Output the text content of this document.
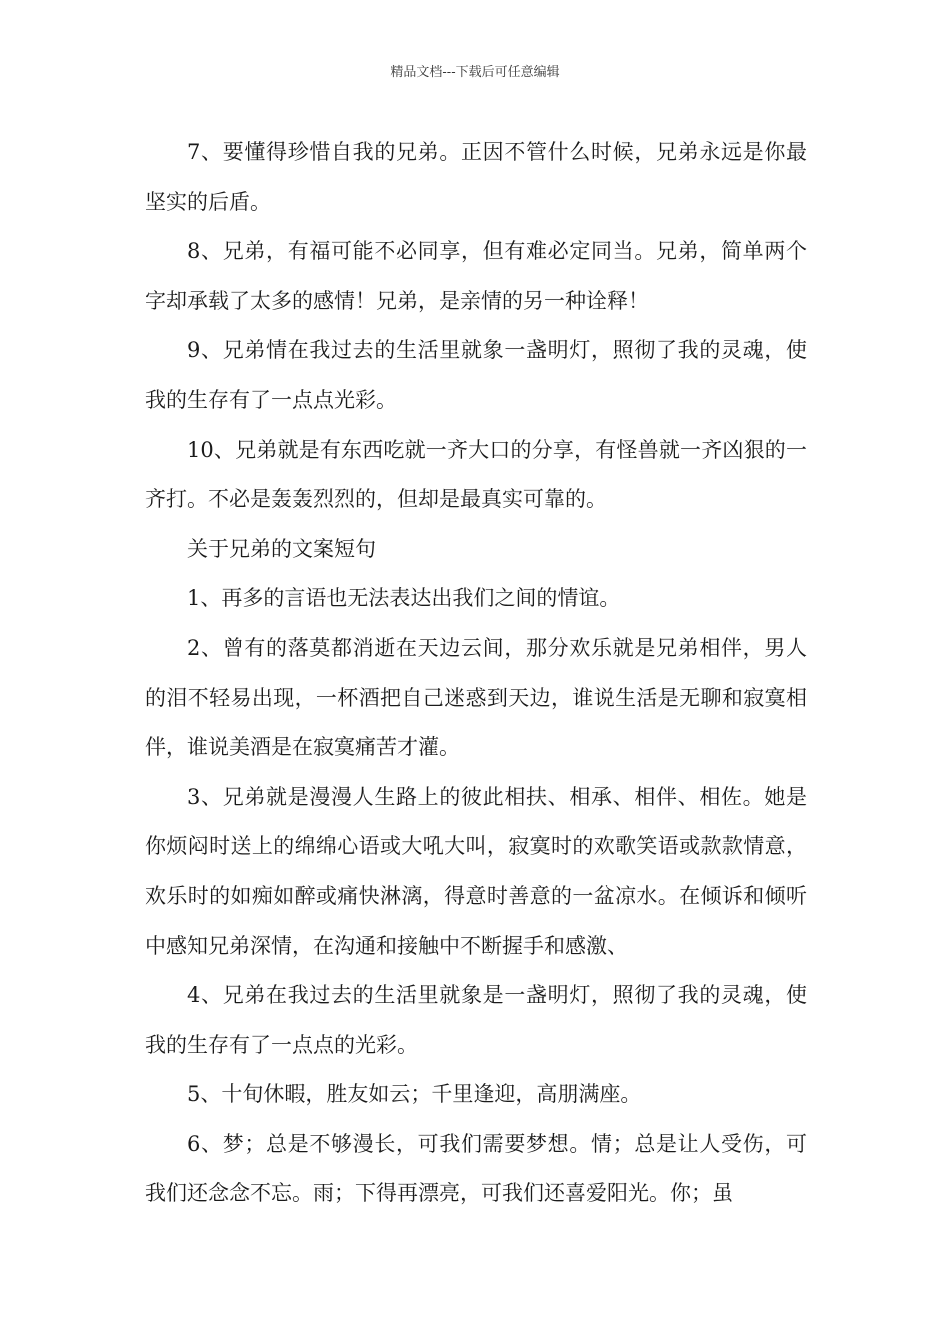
精品文档---下载后可任意编辑

7、要懂得珍惜自我的兄弟。正因不管什么时候，兄弟永远是你最坚实的后盾。

8、兄弟，有福可能不必同享，但有难必定同当。兄弟，简单两个字却承载了太多的感情！兄弟，是亲情的另一种诠释！

9、兄弟情在我过去的生活里就象一盏明灯，照彻了我的灵魂，使我的生存有了一点点光彩。

10、兄弟就是有东西吃就一齐大口的分享，有怪兽就一齐凶狠的一齐打。不必是轰轰烈烈的，但却是最真实可靠的。

关于兄弟的文案短句

1、再多的言语也无法表达出我们之间的情谊。

2、曾有的落莫都消逝在天边云间，那分欢乐就是兄弟相伴，男人的泪不轻易出现，一杯酒把自己迷惑到天边，谁说生活是无聊和寂寞相伴，谁说美酒是在寂寞痛苦才灌。

3、兄弟就是漫漫人生路上的彼此相扶、相承、相伴、相佐。她是你烦闷时送上的绵绵心语或大吼大叫，寂寞时的欢歌笑语或款款情意，欢乐时的如痴如醉或痛快淋漓，得意时善意的一盆凉水。在倾诉和倾听中感知兄弟深情，在沟通和接触中不断握手和感激、

4、兄弟在我过去的生活里就象是一盏明灯，照彻了我的灵魂，使我的生存有了一点点的光彩。

5、十旬休暇，胜友如云；千里逢迎，高朋满座。

6、梦；总是不够漫长，可我们需要梦想。情；总是让人受伤，可我们还念念不忘。雨；下得再漂亮，可我们还喜爱阳光。你；虽
